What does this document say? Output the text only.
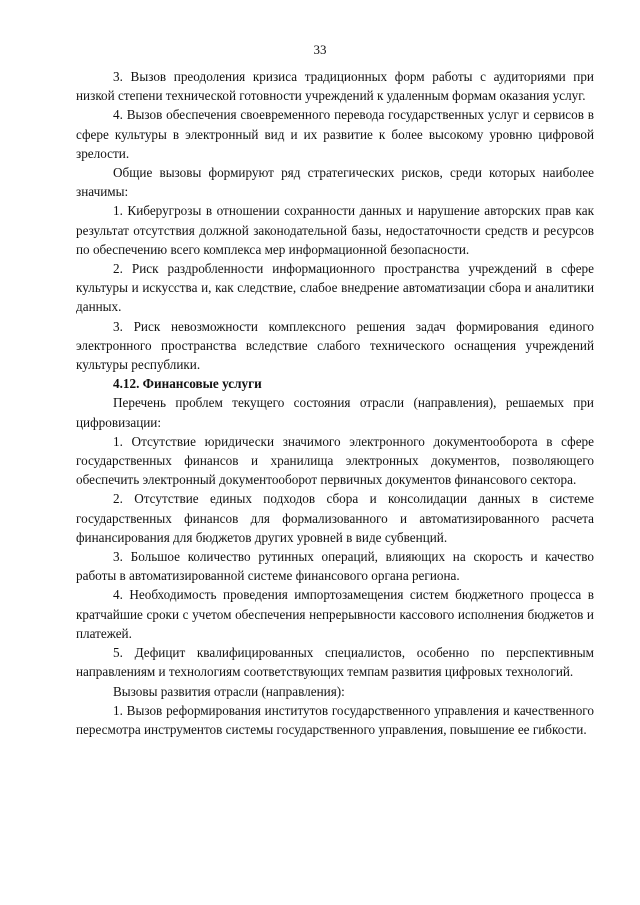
33

3. Вызов преодоления кризиса традиционных форм работы с аудиториями при низкой степени технической готовности учреждений к удаленным формам оказания услуг.

4. Вызов обеспечения своевременного перевода государственных услуг и сервисов в сфере культуры в электронный вид и их развитие к более высокому уровню цифровой зрелости.

Общие вызовы формируют ряд стратегических рисков, среди которых наиболее значимы:

1. Киберугрозы в отношении сохранности данных и нарушение авторских прав как результат отсутствия должной законодательной базы, недостаточности средств и ресурсов по обеспечению всего комплекса мер информационной безопасности.

2. Риск раздробленности информационного пространства учреждений в сфере культуры и искусства и, как следствие, слабое внедрение автоматизации сбора и аналитики данных.

3. Риск невозможности комплексного решения задач формирования единого электронного пространства вследствие слабого технического оснащения учреждений культуры республики.

4.12. Финансовые услуги

Перечень проблем текущего состояния отрасли (направления), решаемых при цифровизации:

1. Отсутствие юридически значимого электронного документооборота в сфере государственных финансов и хранилища электронных документов, позволяющего обеспечить электронный документооборот первичных документов финансового сектора.

2. Отсутствие единых подходов сбора и консолидации данных в системе государственных финансов для формализованного и автоматизированного расчета финансирования для бюджетов других уровней в виде субвенций.

3. Большое количество рутинных операций, влияющих на скорость и качество работы в автоматизированной системе финансового органа региона.

4. Необходимость проведения импортозамещения систем бюджетного процесса в кратчайшие сроки с учетом обеспечения непрерывности кассового исполнения бюджетов и платежей.

5. Дефицит квалифицированных специалистов, особенно по перспективным направлениям и технологиям соответствующих темпам развития цифровых технологий.

Вызовы развития отрасли (направления):

1. Вызов реформирования институтов государственного управления и качественного пересмотра инструментов системы государственного управления, повышение ее гибкости.
